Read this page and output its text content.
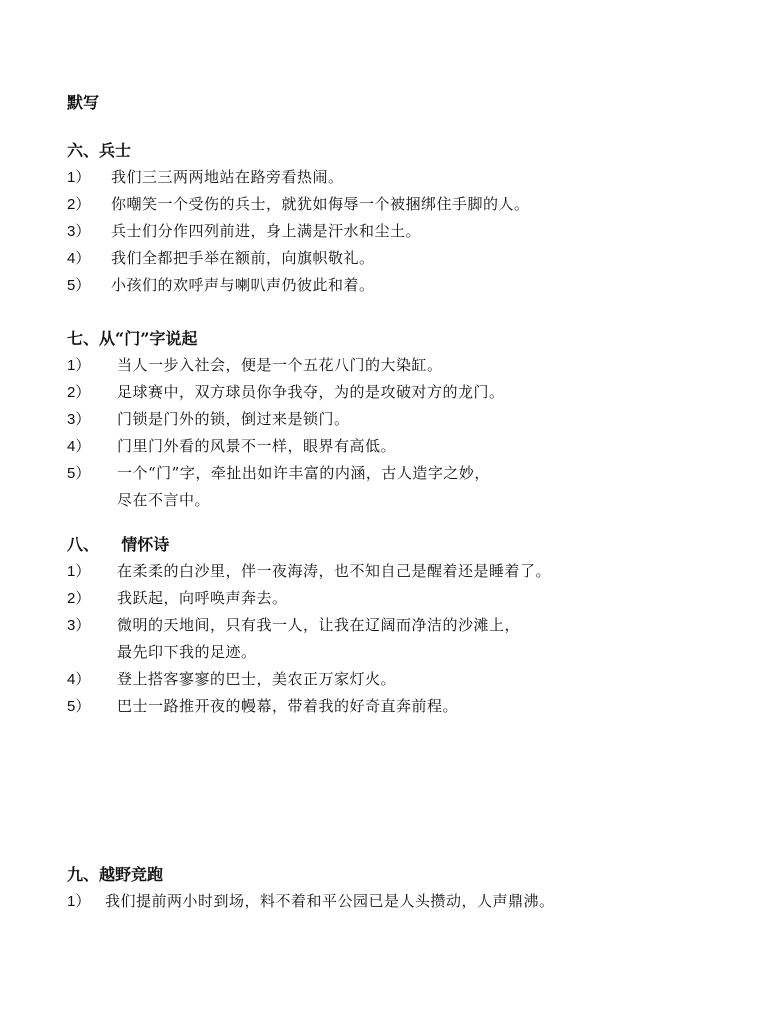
默写
六、兵士
1） 我们三三两两地站在路旁看热闹。
2） 你嘲笑一个受伤的兵士，就犹如侮辱一个被捆绑住手脚的人。
3） 兵士们分作四列前进，身上满是汗水和尘土。
4） 我们全都把手举在额前，向旗帜敬礼。
5） 小孩们的欢呼声与喇叭声仍彼此和着。
七、从“门”字说起
1） 当人一步入社会，便是一个五花八门的大染缸。
2） 足球赛中，双方球员你争我夺，为的是攻破对方的龙门。
3） 门锁是门外的锁，倒过来是锁门。
4） 门里门外看的风景不一样，眼界有高低。
5） 一个“门”字，牵扯出如许丰富的内涵，古人造字之妙，
尽在不言中。
八、    情怀诗
1） 在柔柔的白沙里，伴一夜海涛，也不知自己是醒着还是睡着了。
2） 我跃起，向呼唤声奔去。
3） 微明的天地间，只有我一人，让我在辽阔而净洁的沙滩上，
最先印下我的足迹。
4） 登上搭客寥寥的巴士，美农正万家灯火。
5） 巴士一路推开夜的幔幕，带着我的好奇直奔前程。
九、越野竞跑
1） 我们提前两小时到场，料不着和平公园已是人头攒动，人声鼎沸。
